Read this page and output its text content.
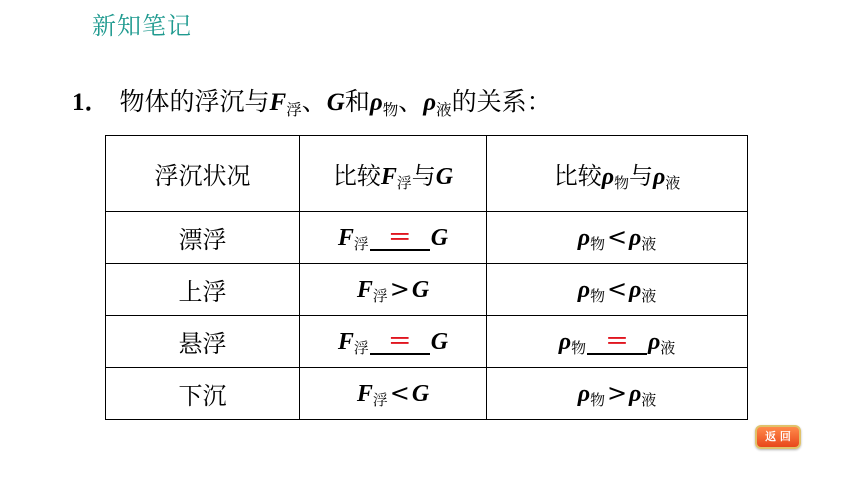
新知笔记
1． 物体的浮沉与F浮、G和ρ物、ρ液的关系：
浮沉状况	比较F浮与G	比较ρ物与ρ液
漂浮	F浮 ＝ G	ρ物<ρ液
上浮	F浮>G	ρ物<ρ液
悬浮	F浮 ＝ G	ρ物 ＝ ρ液
下沉	F浮<G	ρ物>ρ液
返 回
